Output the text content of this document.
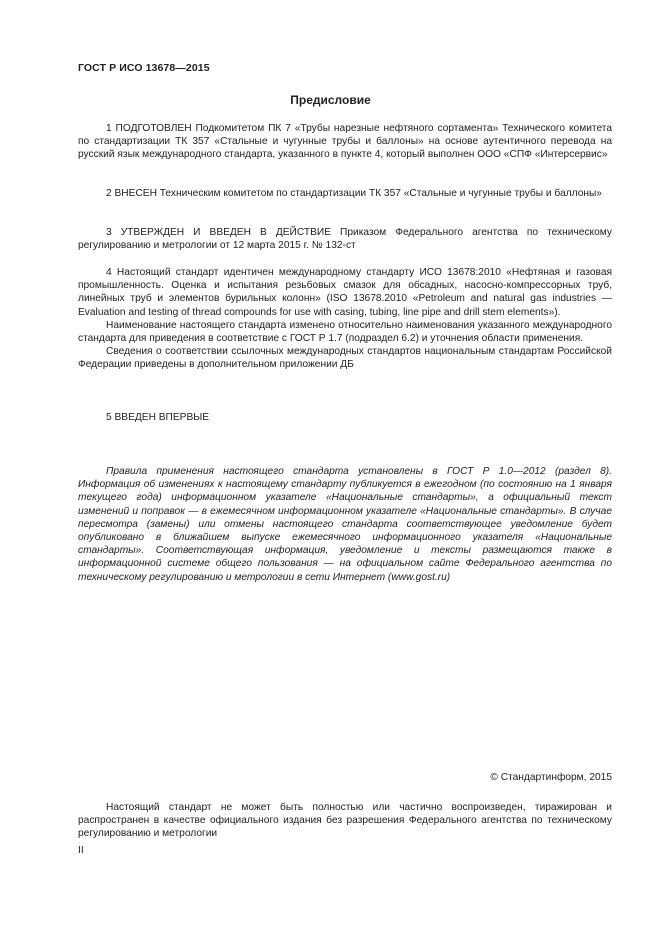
ГОСТ Р ИСО 13678—2015
Предисловие

1 ПОДГОТОВЛЕН Подкомитетом ПК 7 «Трубы нарезные нефтяного сортамента» Технического комитета по стандартизации ТК 357 «Стальные и чугунные трубы и баллоны» на основе аутентичного перевода на русский язык международного стандарта, указанного в пункте 4, который выполнен ООО «СПФ «Интерсервис»

2 ВНЕСЕН Техническим комитетом по стандартизации ТК 357 «Стальные и чугунные трубы и баллоны»

3 УТВЕРЖДЕН И ВВЕДЕН В ДЕЙСТВИЕ Приказом Федерального агентства по техническому регулированию и метрологии от 12 марта 2015 г. № 132-ст

4 Настоящий стандарт идентичен международному стандарту ИСО 13678:2010 «Нефтяная и газовая промышленность. Оценка и испытания резьбовых смазок для обсадных, насосно-компрессорных труб, линейных труб и элементов бурильных колонн» (ISO 13678.2010 «Petroleum and natural gas industries — Evaluation and testing of thread compounds for use with casing, tubing, line pipe and drill stem elements»).

Наименование настоящего стандарта изменено относительно наименования указанного международного стандарта для приведения в соответствие с ГОСТ Р 1.7 (подраздел 6.2) и уточнения области применения.

Сведения о соответствии ссылочных международных стандартов национальным стандартам Российской Федерации приведены в дополнительном приложении ДБ

5 ВВЕДЕН ВПЕРВЫЕ

Правила применения настоящего стандарта установлены в ГОСТ Р 1.0—2012 (раздел 8). Информация об изменениях к настоящему стандарту публикуется в ежегодном (по состоянию на 1 января текущего года) информационном указателе «Национальные стандарты», а официальный текст изменений и поправок — в ежемесячном информационном указателе «Национальные стандарты». В случае пересмотра (замены) или отмены настоящего стандарта соответствующее уведомление будет опубликовано в ближайшем выпуске ежемесячного информационного указателя «Национальные стандарты». Соответствующая информация, уведомление и тексты размещаются также в информационной системе общего пользования — на официальном сайте Федерального агентства по техническому регулированию и метрологии в сети Интернет (www.gost.ru)

© Стандартинформ, 2015

Настоящий стандарт не может быть полностью или частично воспроизведен, тиражирован и распространен в качестве официального издания без разрешения Федерального агентства по техническому регулированию и метрологии

II
